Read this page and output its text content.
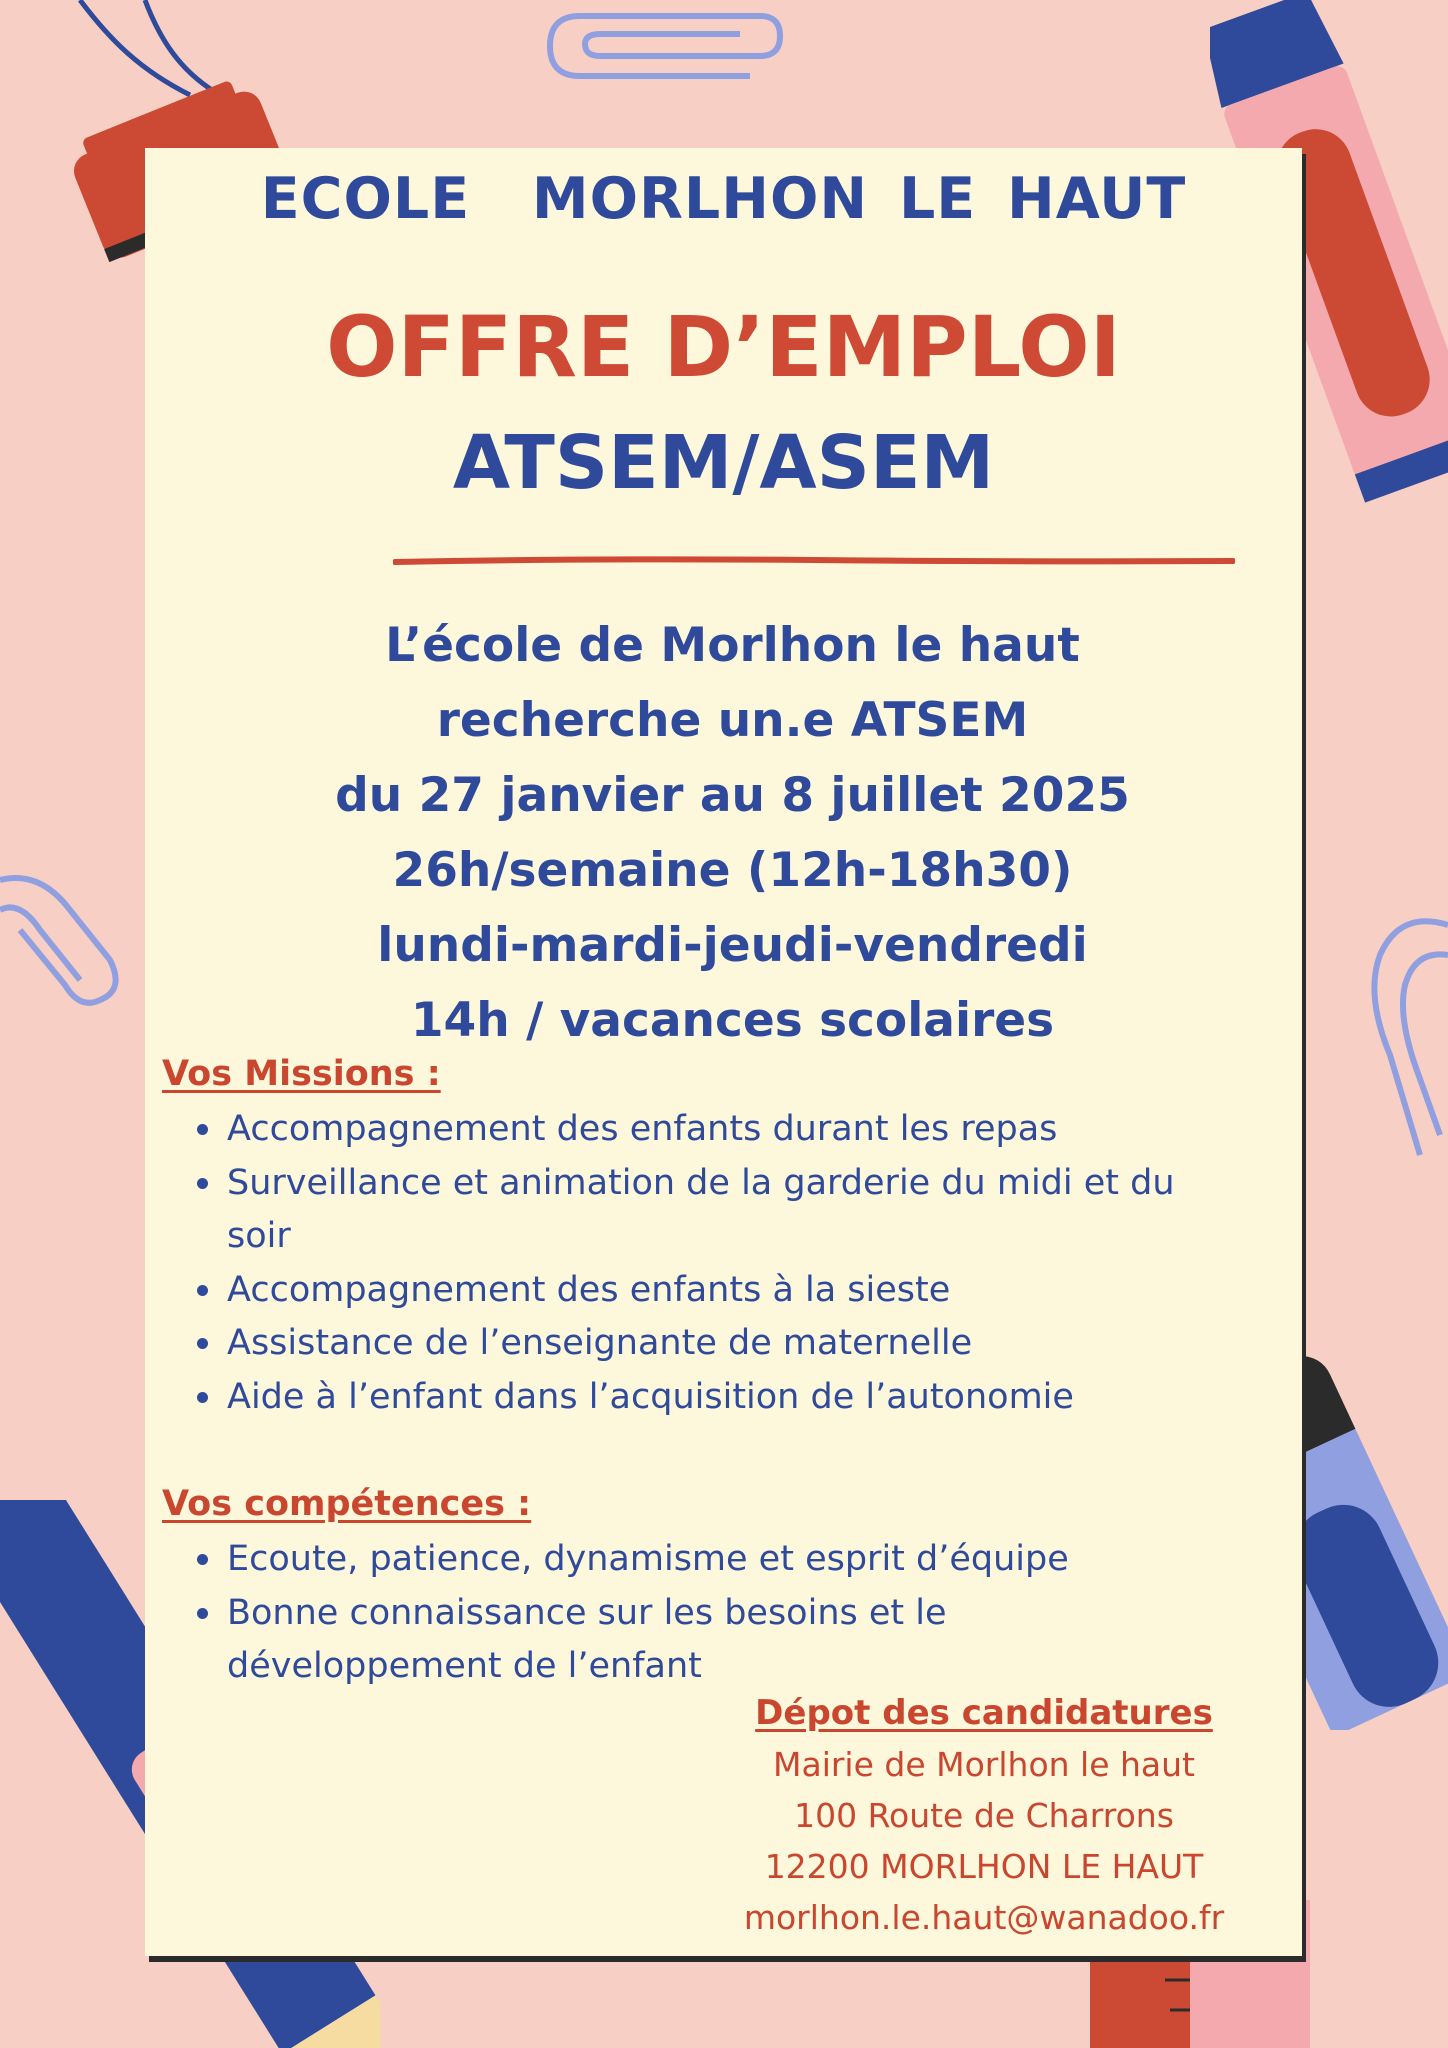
ECOLE  MORLHON LE HAUT
OFFRE D’EMPLOI
ATSEM/ASEM
L’école de Morlhon le haut
recherche un.e ATSEM
du 27 janvier au 8 juillet 2025
26h/semaine (12h-18h30)
lundi-mardi-jeudi-vendredi
14h / vacances scolaires
Vos Missions :
Accompagnement des enfants durant les repas
Surveillance et animation de la garderie du midi et du soir
Accompagnement des enfants à la sieste
Assistance de l’enseignante de maternelle
Aide à l’enfant dans l’acquisition de l’autonomie
Vos compétences :
Ecoute, patience, dynamisme et esprit d’équipe
Bonne connaissance sur les besoins et le développement de l’enfant
Dépot des candidatures
Mairie de Morlhon le haut
100 Route de Charrons
12200 MORLHON LE HAUT
morlhon.le.haut@wanadoo.fr
